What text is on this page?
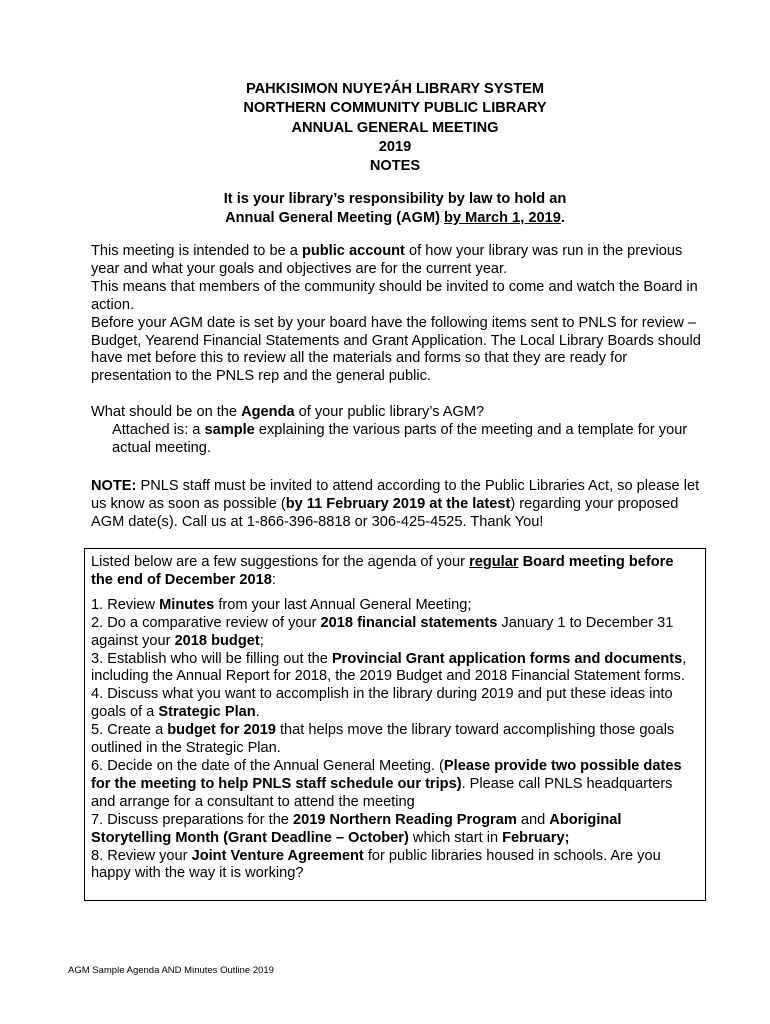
PAHKISIMON NUYEʔÁH LIBRARY SYSTEM
NORTHERN COMMUNITY PUBLIC LIBRARY
ANNUAL GENERAL MEETING
2019
NOTES
It is your library’s responsibility by law to hold an
Annual General Meeting (AGM) by March 1, 2019.

This meeting is intended to be a public account of how your library was run in the previous year and what your goals and objectives are for the current year.

This means that members of the community should be invited to come and watch the Board in action.

Before your AGM date is set by your board have the following items sent to PNLS for review – Budget, Yearend Financial Statements and Grant Application. The Local Library Boards should have met before this to review all the materials and forms so that they are ready for presentation to the PNLS rep and the general public.

What should be on the Agenda of your public library’s AGM?

Attached is: a sample explaining the various parts of the meeting and a template for your actual meeting.

NOTE: PNLS staff must be invited to attend according to the Public Libraries Act, so please let us know as soon as possible (by 11 February 2019 at the latest) regarding your proposed AGM date(s). Call us at 1-866-396-8818 or 306-425-4525. Thank You!

Listed below are a few suggestions for the agenda of your regular Board meeting before the end of December 2018:

1. Review Minutes from your last Annual General Meeting;

2. Do a comparative review of your 2018 financial statements January 1 to December 31 against your 2018 budget;

3. Establish who will be filling out the Provincial Grant application forms and documents, including the Annual Report for 2018, the 2019 Budget and 2018 Financial Statement forms.

4. Discuss what you want to accomplish in the library during 2019 and put these ideas into goals of a Strategic Plan.

5. Create a budget for 2019 that helps move the library toward accomplishing those goals outlined in the Strategic Plan.

6. Decide on the date of the Annual General Meeting. (Please provide two possible dates for the meeting to help PNLS staff schedule our trips). Please call PNLS headquarters and arrange for a consultant to attend the meeting

7. Discuss preparations for the 2019 Northern Reading Program and Aboriginal Storytelling Month (Grant Deadline – October) which start in February;

8. Review your Joint Venture Agreement for public libraries housed in schools. Are you happy with the way it is working?

AGM Sample Agenda AND Minutes Outline 2019
